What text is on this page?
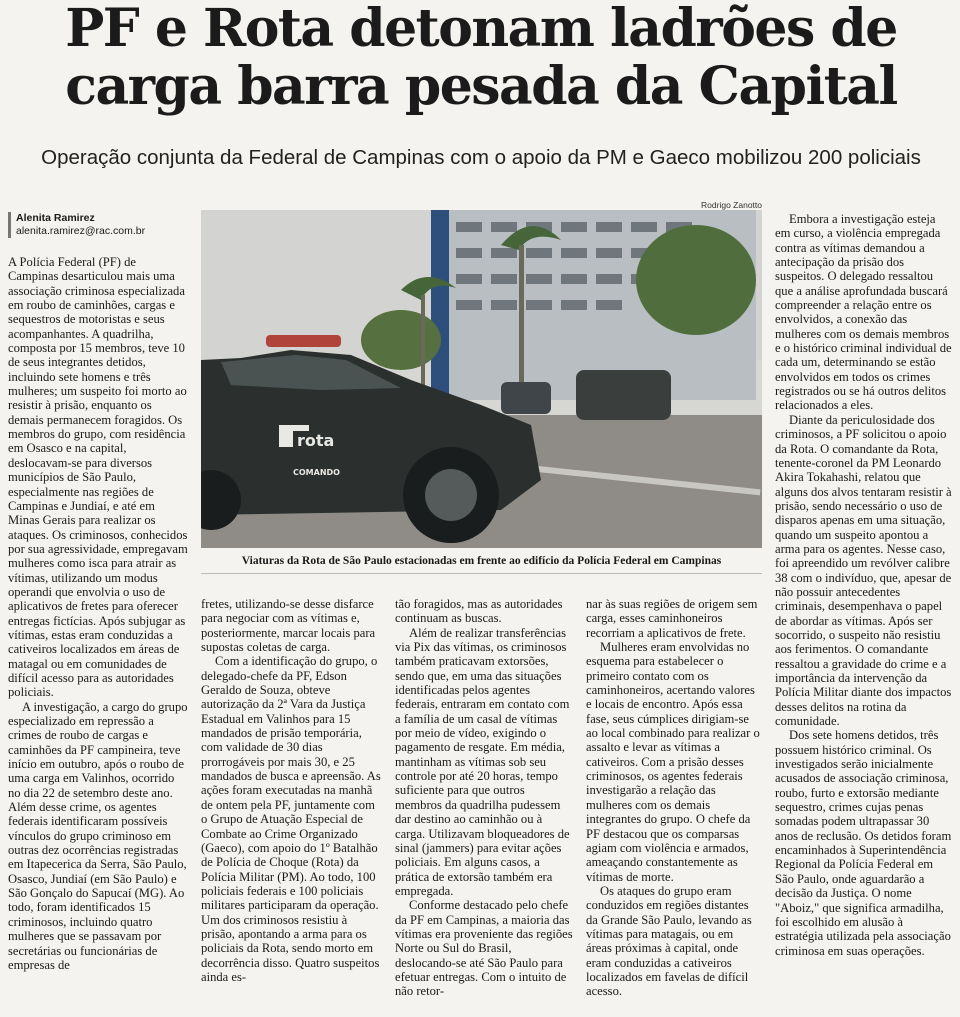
PF e Rota detonam ladrões de carga barra pesada da Capital

Operação conjunta da Federal de Campinas com o apoio da PM e Gaeco mobilizou 200 policiais

Alenita Ramirez
alenita.ramirez@rac.com.br
Rodrigo Zanotto
rota
COMANDO
Viaturas da Rota de São Paulo estacionadas em frente ao edifício da Polícia Federal em Campinas

A Polícia Federal (PF) de Campinas desarticulou mais uma associação criminosa especializada em roubo de caminhões, cargas e sequestros de motoristas e seus acompanhantes. A quadrilha, composta por 15 membros, teve 10 de seus integrantes detidos, incluindo sete homens e três mulheres; um suspeito foi morto ao resistir à prisão, enquanto os demais permanecem foragidos. Os membros do grupo, com residência em Osasco e na capital, deslocavam-se para diversos municípios de São Paulo, especialmente nas regiões de Campinas e Jundiaí, e até em Minas Gerais para realizar os ataques. Os criminosos, conhecidos por sua agressividade, empregavam mulheres como isca para atrair as vítimas, utilizando um modus operandi que envolvia o uso de aplicativos de fretes para oferecer entregas fictícias. Após subjugar as vítimas, estas eram conduzidas a cativeiros localizados em áreas de matagal ou em comunidades de difícil acesso para as autoridades policiais.

A investigação, a cargo do grupo especializado em repressão a crimes de roubo de cargas e caminhões da PF campineira, teve início em outubro, após o roubo de uma carga em Valinhos, ocorrido no dia 22 de setembro deste ano. Além desse crime, os agentes federais identificaram possíveis vínculos do grupo criminoso em outras dez ocorrências registradas em Itapecerica da Serra, São Paulo, Osasco, Jundiaí (em São Paulo) e São Gonçalo do Sapucaí (MG). Ao todo, foram identificados 15 criminosos, incluindo quatro mulheres que se passavam por secretárias ou funcionárias de empresas de

fretes, utilizando-se desse disfarce para negociar com as vítimas e, posteriormente, marcar locais para supostas coletas de carga.

Com a identificação do grupo, o delegado-chefe da PF, Edson Geraldo de Souza, obteve autorização da 2ª Vara da Justiça Estadual em Valinhos para 15 mandados de prisão temporária, com validade de 30 dias prorrogáveis por mais 30, e 25 mandados de busca e apreensão. As ações foram executadas na manhã de ontem pela PF, juntamente com o Grupo de Atuação Especial de Combate ao Crime Organizado (Gaeco), com apoio do 1º Batalhão de Polícia de Choque (Rota) da Polícia Militar (PM). Ao todo, 100 policiais federais e 100 policiais militares participaram da operação. Um dos criminosos resistiu à prisão, apontando a arma para os policiais da Rota, sendo morto em decorrência disso. Quatro suspeitos ainda es-

tão foragidos, mas as autoridades continuam as buscas.

Além de realizar transferências via Pix das vítimas, os criminosos também praticavam extorsões, sendo que, em uma das situações identificadas pelos agentes federais, entraram em contato com a família de um casal de vítimas por meio de vídeo, exigindo o pagamento de resgate. Em média, mantinham as vítimas sob seu controle por até 20 horas, tempo suficiente para que outros membros da quadrilha pudessem dar destino ao caminhão ou à carga. Utilizavam bloqueadores de sinal (jammers) para evitar ações policiais. Em alguns casos, a prática de extorsão também era empregada.

Conforme destacado pelo chefe da PF em Campinas, a maioria das vítimas era proveniente das regiões Norte ou Sul do Brasil, deslocando-se até São Paulo para efetuar entregas. Com o intuito de não retor-

nar às suas regiões de origem sem carga, esses caminhoneiros recorriam a aplicativos de frete.

Mulheres eram envolvidas no esquema para estabelecer o primeiro contato com os caminhoneiros, acertando valores e locais de encontro. Após essa fase, seus cúmplices dirigiam-se ao local combinado para realizar o assalto e levar as vítimas a cativeiros. Com a prisão desses criminosos, os agentes federais investigarão a relação das mulheres com os demais integrantes do grupo. O chefe da PF destacou que os comparsas agiam com violência e armados, ameaçando constantemente as vítimas de morte.

Os ataques do grupo eram conduzidos em regiões distantes da Grande São Paulo, levando as vítimas para matagais, ou em áreas próximas à capital, onde eram conduzidas a cativeiros localizados em favelas de difícil acesso.

Embora a investigação esteja em curso, a violência empregada contra as vítimas demandou a antecipação da prisão dos suspeitos. O delegado ressaltou que a análise aprofundada buscará compreender a relação entre os envolvidos, a conexão das mulheres com os demais membros e o histórico criminal individual de cada um, determinando se estão envolvidos em todos os crimes registrados ou se há outros delitos relacionados a eles.

Diante da periculosidade dos criminosos, a PF solicitou o apoio da Rota. O comandante da Rota, tenente-coronel da PM Leonardo Akira Tokahashi, relatou que alguns dos alvos tentaram resistir à prisão, sendo necessário o uso de disparos apenas em uma situação, quando um suspeito apontou a arma para os agentes. Nesse caso, foi apreendido um revólver calibre 38 com o indivíduo, que, apesar de não possuir antecedentes criminais, desempenhava o papel de abordar as vítimas. Após ser socorrido, o suspeito não resistiu aos ferimentos. O comandante ressaltou a gravidade do crime e a importância da intervenção da Polícia Militar diante dos impactos desses delitos na rotina da comunidade.

Dos sete homens detidos, três possuem histórico criminal. Os investigados serão inicialmente acusados de associação criminosa, roubo, furto e extorsão mediante sequestro, crimes cujas penas somadas podem ultrapassar 30 anos de reclusão. Os detidos foram encaminhados à Superintendência Regional da Polícia Federal em São Paulo, onde aguardarão a decisão da Justiça. O nome "Aboiz," que significa armadilha, foi escolhido em alusão à estratégia utilizada pela associação criminosa em suas operações.
